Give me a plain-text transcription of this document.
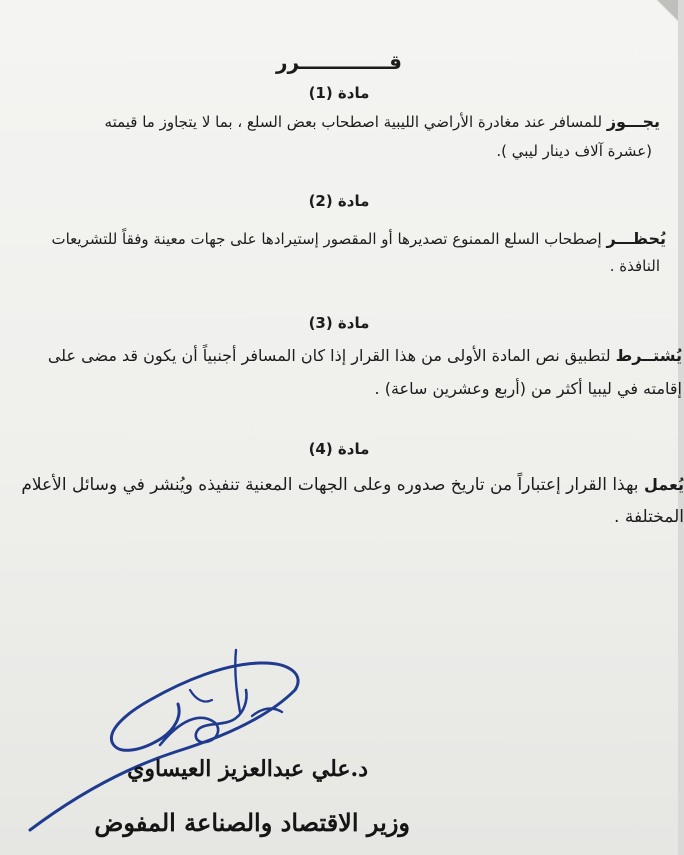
قـــــــــــــرر
مادة (1)
يجـــوز للمسافر عند مغادرة الأراضي الليبية اصطحاب بعض السلع ، بما لا يتجاوز ما قيمته
(عشرة آلاف دينار ليبي ).
مادة (2)
يُحظـــر إصطحاب السلع الممنوع تصديرها أو المقصور إستيرادها على جهات معينة وفقاً للتشريعات
النافذة .
مادة (3)
يُشتــرط لتطبيق نص المادة الأولى من هذا القرار إذا كان المسافر أجنبياً أن يكون قد مضى على
إقامته في ليبيا أكثر من (أربع وعشرين ساعة) .
مادة (4)
يُعمل بهذا القرار إعتباراً من تاريخ صدوره وعلى الجهات المعنية تنفيذه ويُنشر في وسائل الأعلام
المختلفة .
د.علي عبدالعزيز العيساوي
وزير الاقتصاد والصناعة المفوض
